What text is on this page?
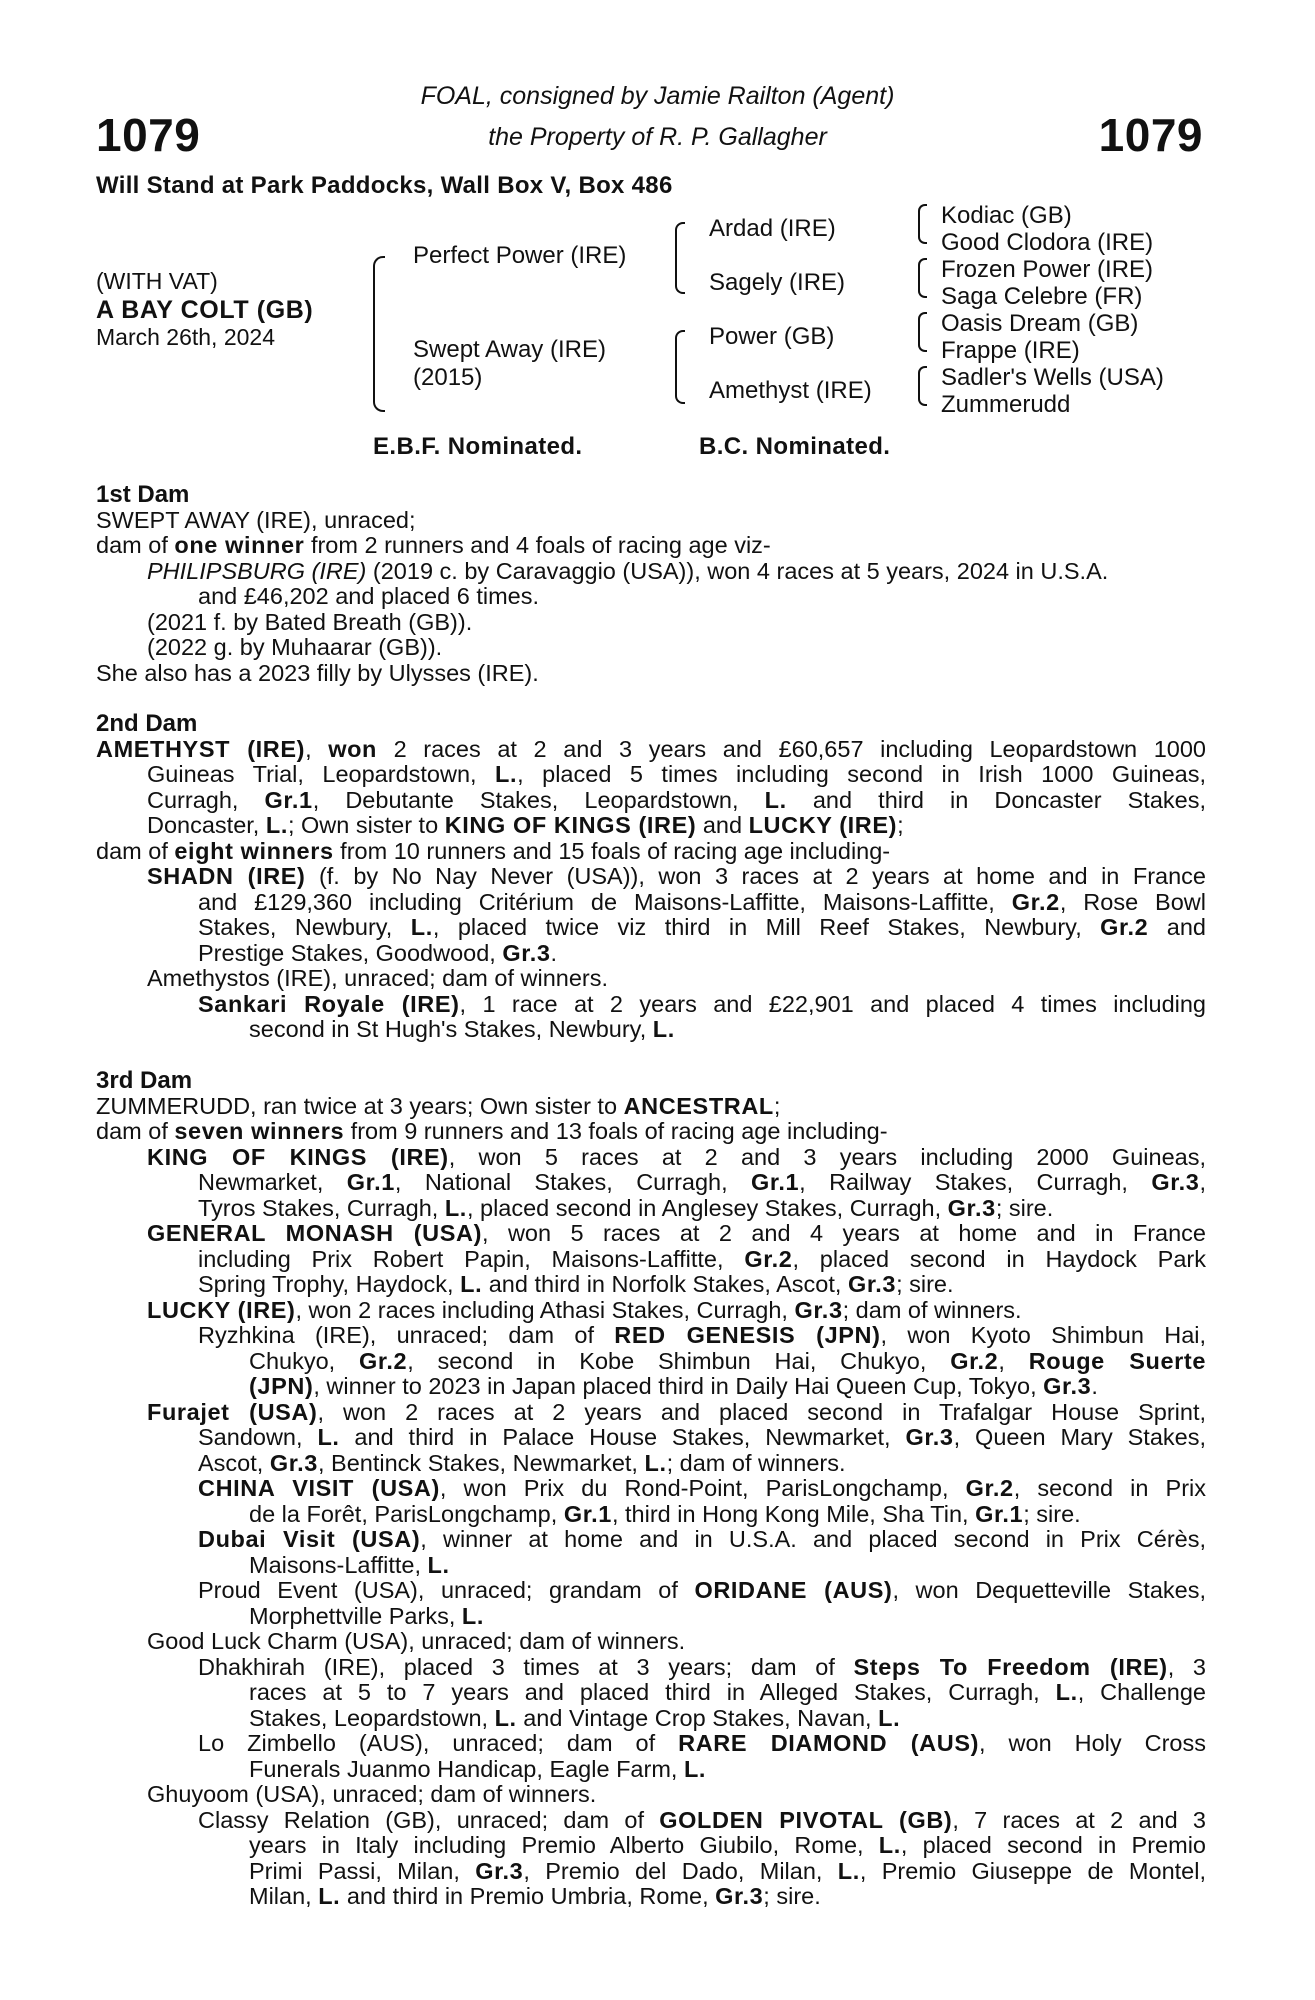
1079	1079
FOAL, consigned by Jamie Railton (Agent)
the Property of R. P. Gallagher
Will Stand at Park Paddocks, Wall Box V, Box 486
(WITH VAT)
A BAY COLT (GB)
March 26th, 2024
Perfect Power (IRE)
Swept Away (IRE)
(2015)
Ardad (IRE)
Sagely (IRE)
Power (GB)
Amethyst (IRE)
Kodiac (GB)
Good Clodora (IRE)
Frozen Power (IRE)
Saga Celebre (FR)
Oasis Dream (GB)
Frappe (IRE)
Sadler's Wells (USA)
Zummerudd
E.B.F. Nominated.	B.C. Nominated.
1st Dam
SWEPT AWAY (IRE), unraced;
dam of one winner from 2 runners and 4 foals of racing age viz-
PHILIPSBURG (IRE) (2019 c. by Caravaggio (USA)), won 4 races at 5 years, 2024 in U.S.A.
and £46,202 and placed 6 times.
(2021 f. by Bated Breath (GB)).
(2022 g. by Muhaarar (GB)).
She also has a 2023 filly by Ulysses (IRE).
2nd Dam
AMETHYST (IRE), won 2 races at 2 and 3 years and £60,657 including Leopardstown 1000
Guineas Trial, Leopardstown, L., placed 5 times including second in Irish 1000 Guineas,
Curragh, Gr.1, Debutante Stakes, Leopardstown, L. and third in Doncaster Stakes,
Doncaster, L.; Own sister to KING OF KINGS (IRE) and LUCKY (IRE);
dam of eight winners from 10 runners and 15 foals of racing age including-
SHADN (IRE) (f. by No Nay Never (USA)), won 3 races at 2 years at home and in France
and £129,360 including Critérium de Maisons-Laffitte, Maisons-Laffitte, Gr.2, Rose Bowl
Stakes, Newbury, L., placed twice viz third in Mill Reef Stakes, Newbury, Gr.2 and
Prestige Stakes, Goodwood, Gr.3.
Amethystos (IRE), unraced; dam of winners.
Sankari Royale (IRE), 1 race at 2 years and £22,901 and placed 4 times including
second in St Hugh's Stakes, Newbury, L.
3rd Dam
ZUMMERUDD, ran twice at 3 years; Own sister to ANCESTRAL;
dam of seven winners from 9 runners and 13 foals of racing age including-
KING OF KINGS (IRE), won 5 races at 2 and 3 years including 2000 Guineas,
Newmarket, Gr.1, National Stakes, Curragh, Gr.1, Railway Stakes, Curragh, Gr.3,
Tyros Stakes, Curragh, L., placed second in Anglesey Stakes, Curragh, Gr.3; sire.
GENERAL MONASH (USA), won 5 races at 2 and 4 years at home and in France
including Prix Robert Papin, Maisons-Laffitte, Gr.2, placed second in Haydock Park
Spring Trophy, Haydock, L. and third in Norfolk Stakes, Ascot, Gr.3; sire.
LUCKY (IRE), won 2 races including Athasi Stakes, Curragh, Gr.3; dam of winners.
Ryzhkina (IRE), unraced; dam of RED GENESIS (JPN), won Kyoto Shimbun Hai,
Chukyo, Gr.2, second in Kobe Shimbun Hai, Chukyo, Gr.2, Rouge Suerte
(JPN), winner to 2023 in Japan placed third in Daily Hai Queen Cup, Tokyo, Gr.3.
Furajet (USA), won 2 races at 2 years and placed second in Trafalgar House Sprint,
Sandown, L. and third in Palace House Stakes, Newmarket, Gr.3, Queen Mary Stakes,
Ascot, Gr.3, Bentinck Stakes, Newmarket, L.; dam of winners.
CHINA VISIT (USA), won Prix du Rond-Point, ParisLongchamp, Gr.2, second in Prix
de la Forêt, ParisLongchamp, Gr.1, third in Hong Kong Mile, Sha Tin, Gr.1; sire.
Dubai Visit (USA), winner at home and in U.S.A. and placed second in Prix Cérès,
Maisons-Laffitte, L.
Proud Event (USA), unraced; grandam of ORIDANE (AUS), won Dequetteville Stakes,
Morphettville Parks, L.
Good Luck Charm (USA), unraced; dam of winners.
Dhakhirah (IRE), placed 3 times at 3 years; dam of Steps To Freedom (IRE), 3
races at 5 to 7 years and placed third in Alleged Stakes, Curragh, L., Challenge
Stakes, Leopardstown, L. and Vintage Crop Stakes, Navan, L.
Lo Zimbello (AUS), unraced; dam of RARE DIAMOND (AUS), won Holy Cross
Funerals Juanmo Handicap, Eagle Farm, L.
Ghuyoom (USA), unraced; dam of winners.
Classy Relation (GB), unraced; dam of GOLDEN PIVOTAL (GB), 7 races at 2 and 3
years in Italy including Premio Alberto Giubilo, Rome, L., placed second in Premio
Primi Passi, Milan, Gr.3, Premio del Dado, Milan, L., Premio Giuseppe de Montel,
Milan, L. and third in Premio Umbria, Rome, Gr.3; sire.
